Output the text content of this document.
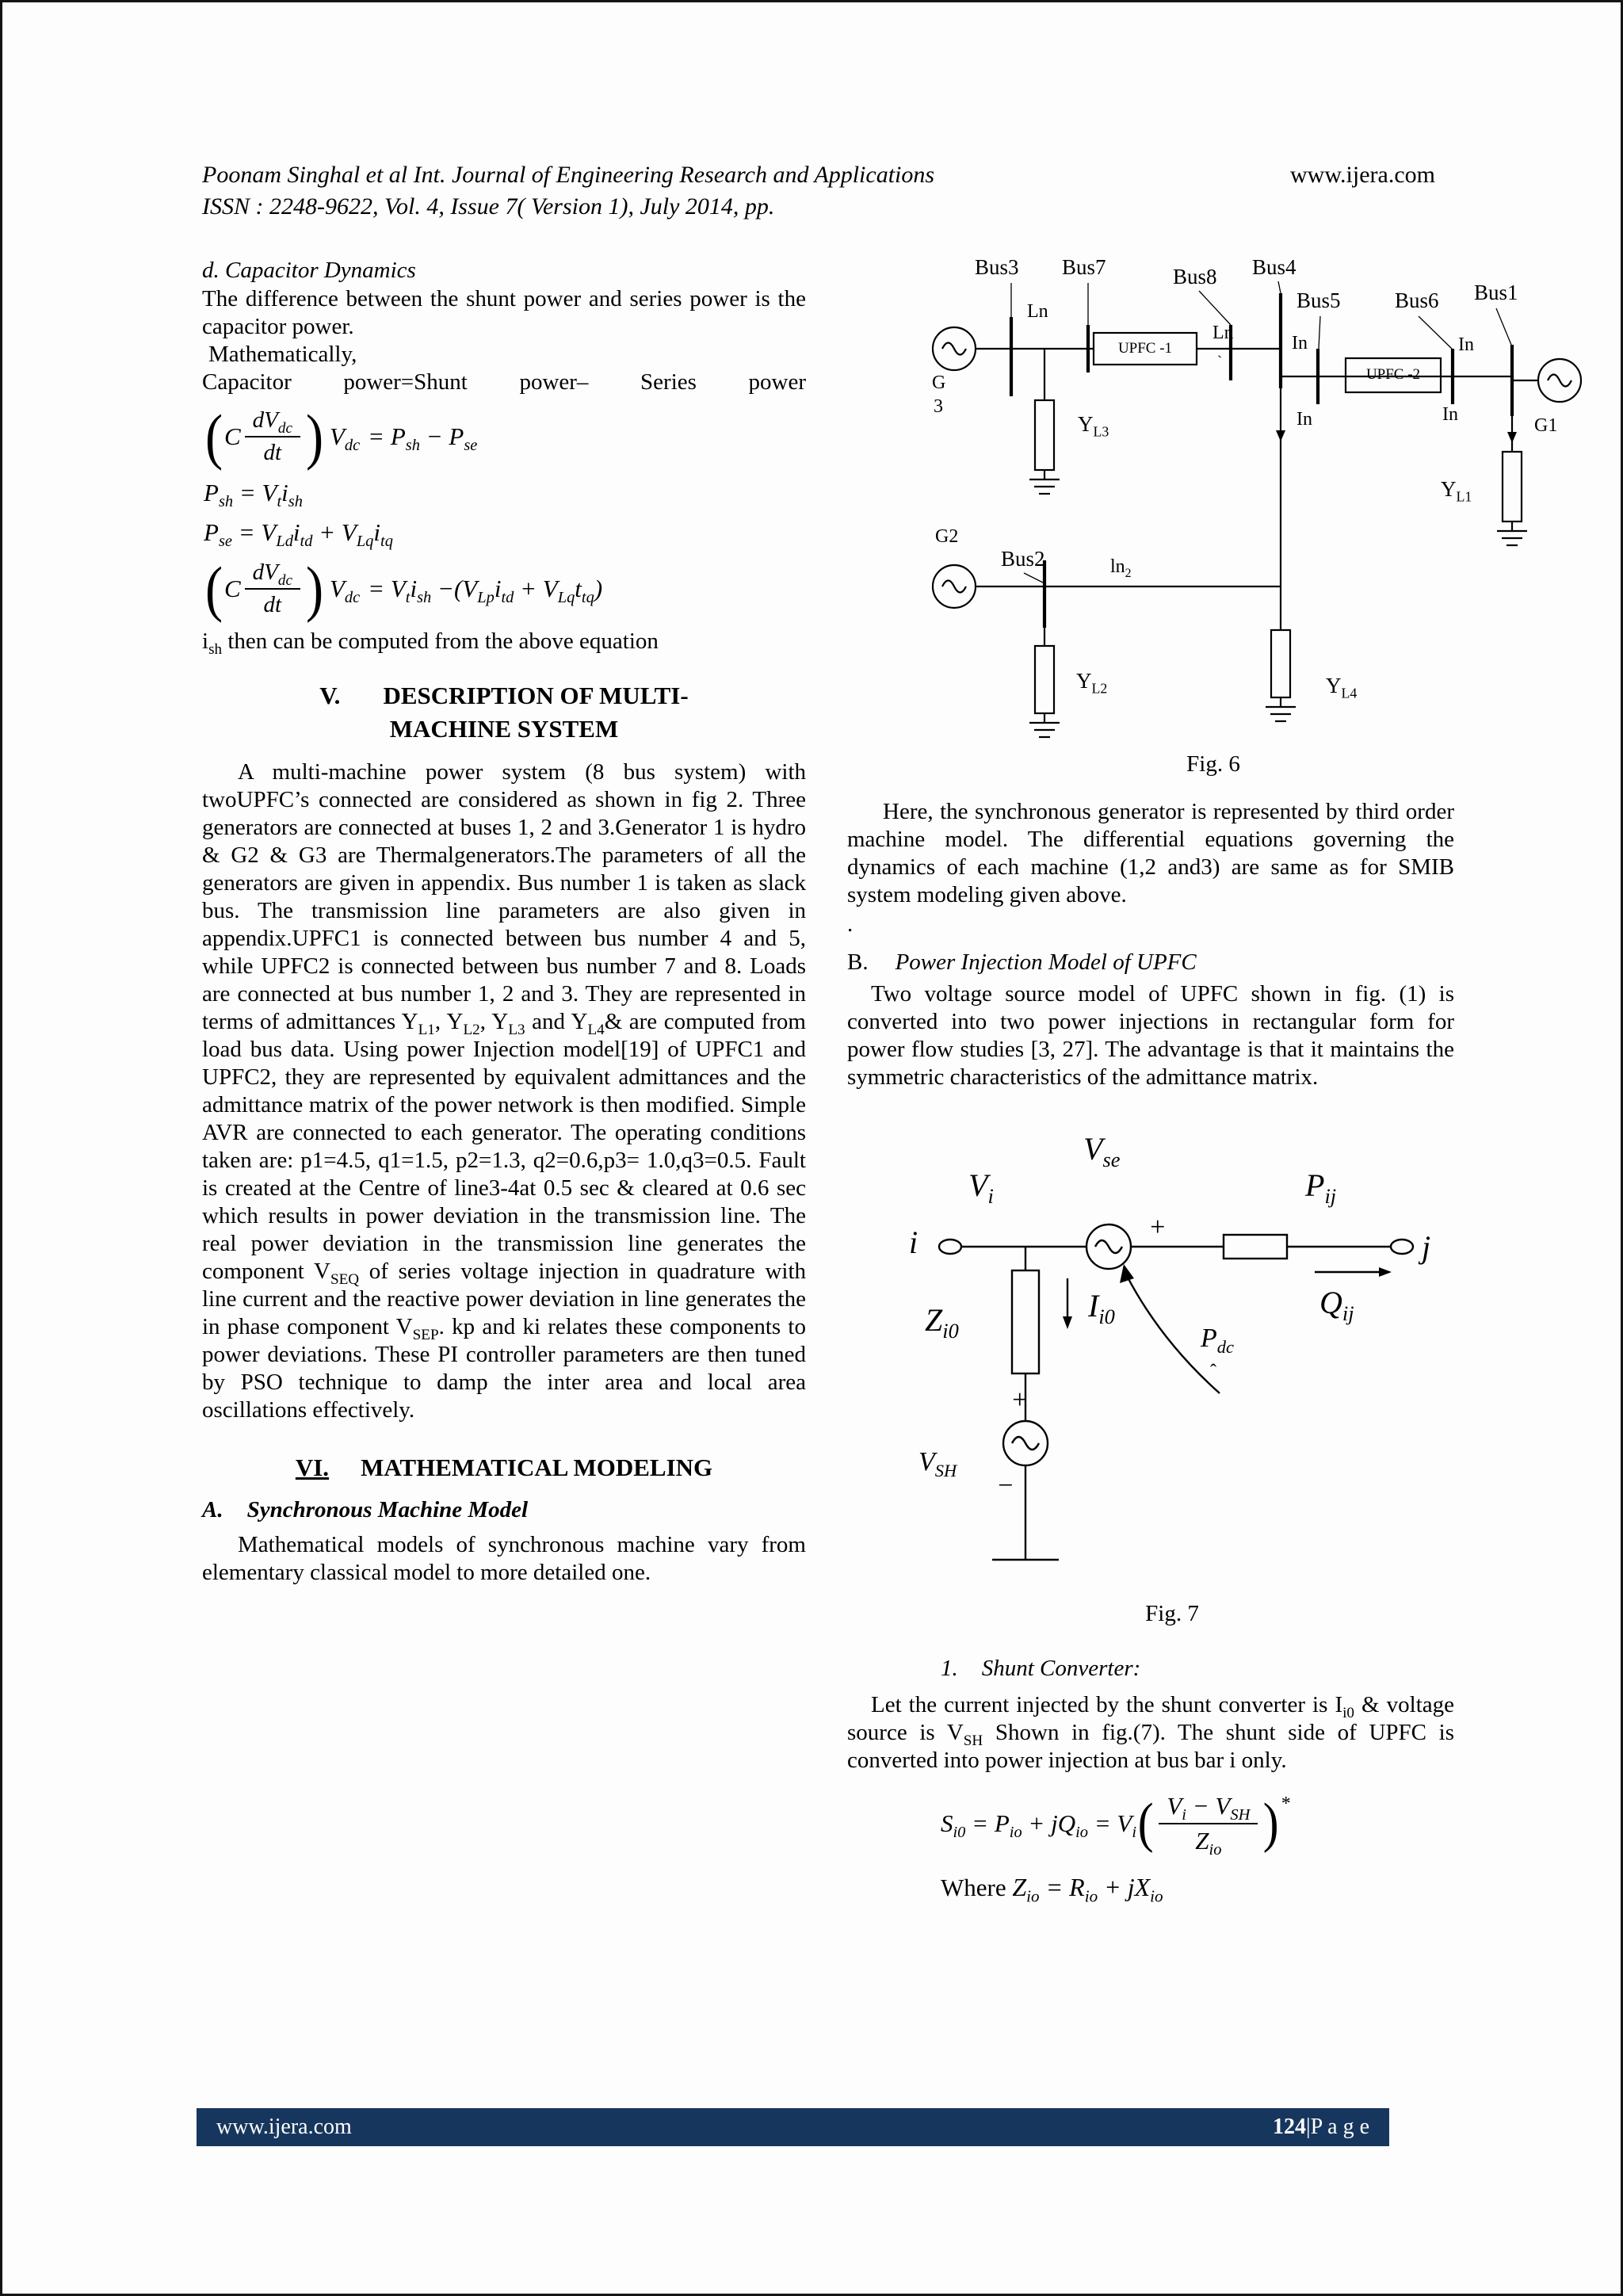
Poonam Singhal et al Int. Journal of Engineering Research and Applications	www.ijera.com
ISSN : 2248-9622, Vol. 4, Issue 7( Version 1), July 2014, pp.
d. Capacitor Dynamics

The difference between the shunt power and series power is the capacitor power.

Mathematically,
Capacitor power=Shunt power– Series power
( C $\frac{dV_{dc}}{dt}$ ) $V_{dc} = P_{sh} - P_{se}$
$P_{sh} = V_ti_{sh}$
$P_{se} = V_{Ld}i_{td} + V_{Lq}i_{tq}$
( C $\frac{dV_{dc}}{dt}$ ) $V_{dc} = V_ti_{sh} -(V_{Lp}i_{td} + V_{Lq}t_{tq})$
$i_{sh}$ then can be computed from the above equation
V. DESCRIPTION OF MULTI-
MACHINE SYSTEM

A multi-machine power system (8 bus system) with twoUPFC’s connected are considered as shown in fig 2. Three generators are connected at buses 1, 2 and 3.Generator 1 is hydro & G2 & G3 are Thermalgenerators.The parameters of all the generators are given in appendix. Bus number 1 is taken as slack bus. The transmission line parameters are also given in appendix.UPFC1 is connected between bus number 4 and 5, while UPFC2 is connected between bus number 7 and 8. Loads are connected at bus number 1, 2 and 3. They are represented in terms of admittances $Y_{L1}$, $Y_{L2}$, $Y_{L3}$ and $Y_{L4}\&$ are computed from load bus data. Using power Injection model[19] of UPFC1 and UPFC2, they are represented by equivalent admittances and the admittance matrix of the power network is then modified. Simple AVR are connected to each generator. The operating conditions taken are: p1=4.5, q1=1.5, p2=1.3, q2=0.6,p3= 1.0,q3=0.5. Fault is created at the Centre of line3-4at 0.5 sec & cleared at 0.6 sec which results in power deviation in the transmission line. The real power deviation in the transmission line generates the component $V_{SEQ}$ of series voltage injection in quadrature with line current and the reactive power deviation in line generates the in phase component $V_{SEP}$. kp and ki relates these components to power deviations. These PI controller parameters are then tuned by PSO technique to damp the inter area and local area oscillations effectively.

VI. MATHEMATICAL MODELING
A. Synchronous Machine Model

Mathematical models of synchronous machine vary from elementary classical model to more detailed one.

Bus3 Bus7	Bus8 Bus4
Bus5	Bus6 Bus1
Bus2
UPFC -1
UPFC -2
Ln
Ln
ˋ
In	In
In	In
G
3
G2
G1
$\ln_2$
$Y_{L3}$
$Y_{L1}$
$Y_{L2}$	$Y_{L4}$
Fig. 6

Here, the synchronous generator is represented by third order machine model. The differential equations governing the dynamics of each machine (1,2 and3) are same as for SMIB system modeling given above.

.
B. Power Injection Model of UPFC

Two voltage source model of UPFC shown in fig. (1) is converted into two power injections in rectangular form for power flow studies [3, 27]. The advantage is that it maintains the symmetric characteristics of the admittance matrix.

$V_{se}$
$V_i$	$P_{ij}$
i	j
$Z_{i0}$
$I_{i0}$
$P_{dc}$
ˆ
$Q_{ij}$
$V_{SH}$
+
+
−
Fig. 7
1. Shunt Converter:

Let the current injected by the shunt converter is $I_{i0}$ & voltage source is $V_{SH}$ Shown in fig.(7). The shunt side of UPFC is converted into power injection at bus bar i only.

$S_{i0} = P_{io} + jQ_{io} = V_i$ ( $\frac{V_i - V_{SH}}{Z_{io}}$ ) *
Where $Z_{io} = R_{io} + jX_{io}$
www.ijera.com	124|P a g e
